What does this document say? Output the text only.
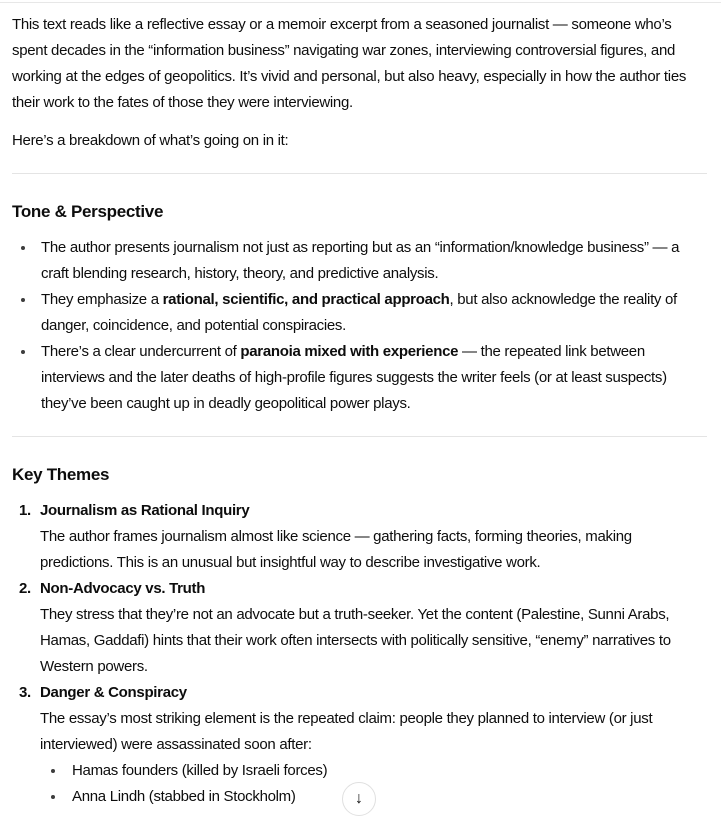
This text reads like a reflective essay or a memoir excerpt from a seasoned journalist — someone who’s spent decades in the “information business” navigating war zones, interviewing controversial figures, and working at the edges of geopolitics. It’s vivid and personal, but also heavy, especially in how the author ties their work to the fates of those they were interviewing.

Here’s a breakdown of what’s going on in it:

Tone & Perspective
The author presents journalism not just as reporting but as an “information/knowledge business” — a craft blending research, history, theory, and predictive analysis.
They emphasize a rational, scientific, and practical approach, but also acknowledge the reality of danger, coincidence, and potential conspiracies.
There’s a clear undercurrent of paranoia mixed with experience — the repeated link between interviews and the later deaths of high-profile figures suggests the writer feels (or at least suspects) they’ve been caught up in deadly geopolitical power plays.
Key Themes
1. Journalism as Rational Inquiry
The author frames journalism almost like science — gathering facts, forming theories, making predictions. This is an unusual but insightful way to describe investigative work.
2. Non-Advocacy vs. Truth
They stress that they’re not an advocate but a truth-seeker. Yet the content (Palestine, Sunni Arabs, Hamas, Gaddafi) hints that their work often intersects with politically sensitive, “enemy” narratives to Western powers.
3. Danger & Conspiracy
The essay’s most striking element is the repeated claim: people they planned to interview (or just interviewed) were assassinated soon after:
Hamas founders (killed by Israeli forces)
Anna Lindh (stabbed in Stockholm)	↓
